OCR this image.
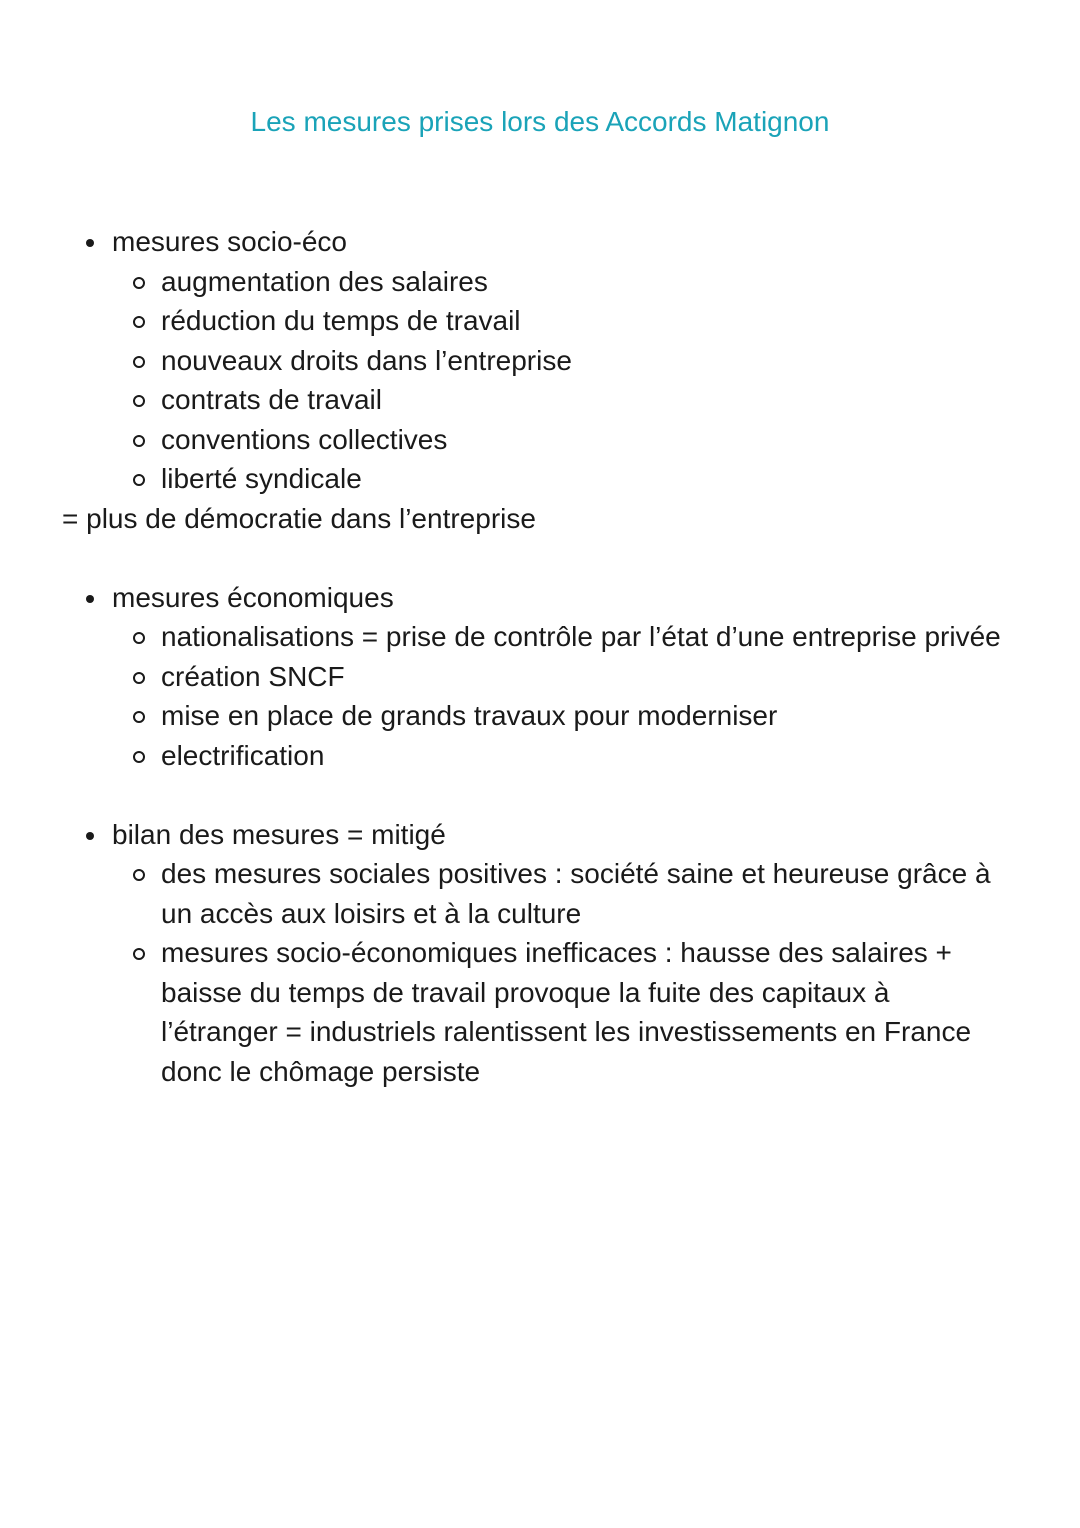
Les mesures prises lors des Accords Matignon
mesures socio-éco
augmentation des salaires
réduction du temps de travail
nouveaux droits dans l’entreprise
contrats de travail
conventions collectives
liberté syndicale
= plus de démocratie dans l’entreprise
mesures économiques
nationalisations = prise de contrôle par l’état d’une entreprise privée
création SNCF
mise en place de grands travaux pour moderniser
electrification
bilan des mesures = mitigé
des mesures sociales positives : société saine et heureuse grâce à un accès aux loisirs et à la culture
mesures socio-économiques inefficaces : hausse des salaires + baisse du temps de travail provoque la fuite des capitaux à l’étranger = industriels ralentissent les investissements en France donc le chômage persiste
